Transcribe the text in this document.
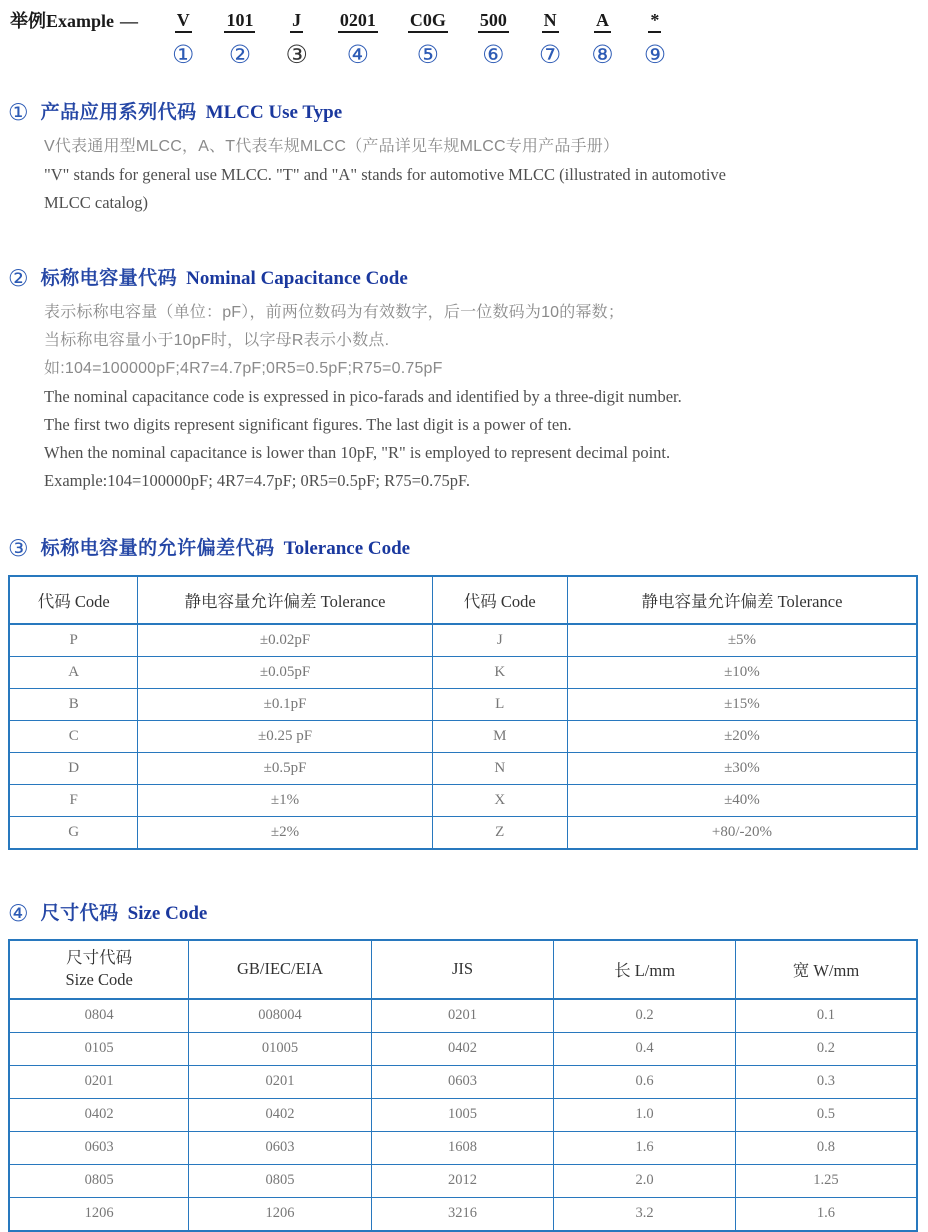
举例Example — V
①
101
②
J
③
0201
④
C0G
⑤
500
⑥
N
⑦
A
⑧
*
⑨
① 产品应用系列代码 MLCC Use Type

V代表通用型MLCC，A、T代表车规MLCC（产品详见车规MLCC专用产品手册）

"V" stands for general use MLCC. "T" and "A" stands for automotive MLCC (illustrated in automotive

MLCC catalog)

② 标称电容量代码 Nominal Capacitance Code

表示标称电容量（单位：pF），前两位数码为有效数字，后一位数码为10的幂数；

当标称电容量小于10pF时，以字母R表示小数点.

如:104=100000pF;4R7=4.7pF;0R5=0.5pF;R75=0.75pF

The nominal capacitance code is expressed in pico-farads and identified by a three-digit number.

The first two digits represent significant figures. The last digit is a power of ten.

When the nominal capacitance is lower than 10pF, "R" is employed to represent decimal point.

Example:104=100000pF; 4R7=4.7pF; 0R5=0.5pF; R75=0.75pF.

③ 标称电容量的允许偏差代码 Tolerance Code
代码 Code	静电容量允许偏差 Tolerance	代码 Code	静电容量允许偏差 Tolerance
P	±0.02pF	J	±5%
A	±0.05pF	K	±10%
B	±0.1pF	L	±15%
C	±0.25 pF	M	±20%
D	±0.5pF	N	±30%
F	±1%	X	±40%
G	±2%	Z	+80/-20%
④ 尺寸代码 Size Code
尺寸代码
Size Code	GB/IEC/EIA	JIS	长 L/mm	宽 W/mm
0804	008004	0201	0.2	0.1
0105	01005	0402	0.4	0.2
0201	0201	0603	0.6	0.3
0402	0402	1005	1.0	0.5
0603	0603	1608	1.6	0.8
0805	0805	2012	2.0	1.25
1206	1206	3216	3.2	1.6
